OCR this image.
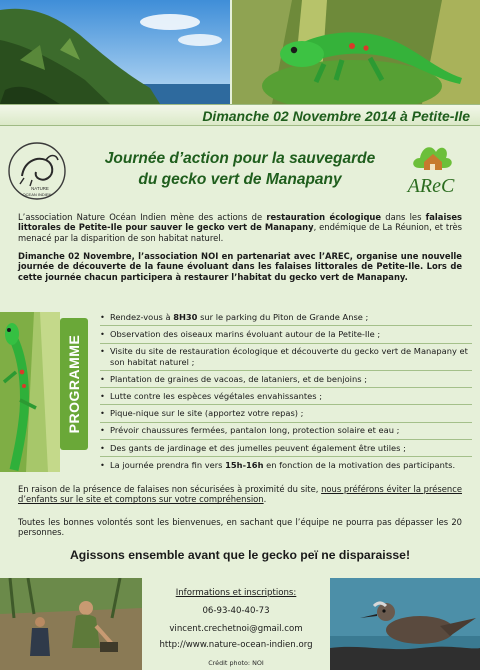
Dimanche 02 Novembre 2014 à Petite-Ile
NATURE
OCEAN INDIEN	AReC
Journée d’action pour la sauvegarde
du gecko vert de Manapany

L’association Nature Océan Indien mène des actions de restauration écologique dans les falaises littorales de Petite-Ile pour sauver le gecko vert de Manapany, endémique de La Réunion, et très menacé par la disparition de son habitat naturel.

Dimanche 02 Novembre, l’association NOI en partenariat avec l’AREC, organise une nouvelle journée de découverte de la faune évoluant dans les falaises littorales de Petite-Ile. Lors de cette journée chacun participera à restaurer l’habitat du gecko vert de Manapany.

PROGRAMME
• Rendez-vous à 8H30 sur le parking du Piton de Grande Anse ;
• Observation des oiseaux marins évoluant autour de la Petite-Ile ;
• Visite du site de restauration écologique et découverte du gecko vert de Manapany et son habitat naturel ;
• Plantation de graines de vacoas, de lataniers, et de benjoins ;
• Lutte contre les espèces végétales envahissantes ;
• Pique-nique sur le site (apportez votre repas) ;
• Prévoir chaussures fermées, pantalon long, protection solaire et eau ;
• Des gants de jardinage et des jumelles peuvent également être utiles ;
• La journée prendra fin vers 15h-16h en fonction de la motivation des participants.

En raison de la présence de falaises non sécurisées à proximité du site, nous préférons éviter la présence d’enfants sur le site et comptons sur votre compréhension.

Toutes les bonnes volontés sont les bienvenues, en sachant que l’équipe ne pourra pas dépasser les 20 personnes.

Agissons ensemble avant que le gecko peï ne disparaisse!
Informations et inscriptions:
06-93-40-40-73
vincent.crechetnoi@gmail.com
http://www.nature-ocean-indien.org
Crédit photo: NOI
